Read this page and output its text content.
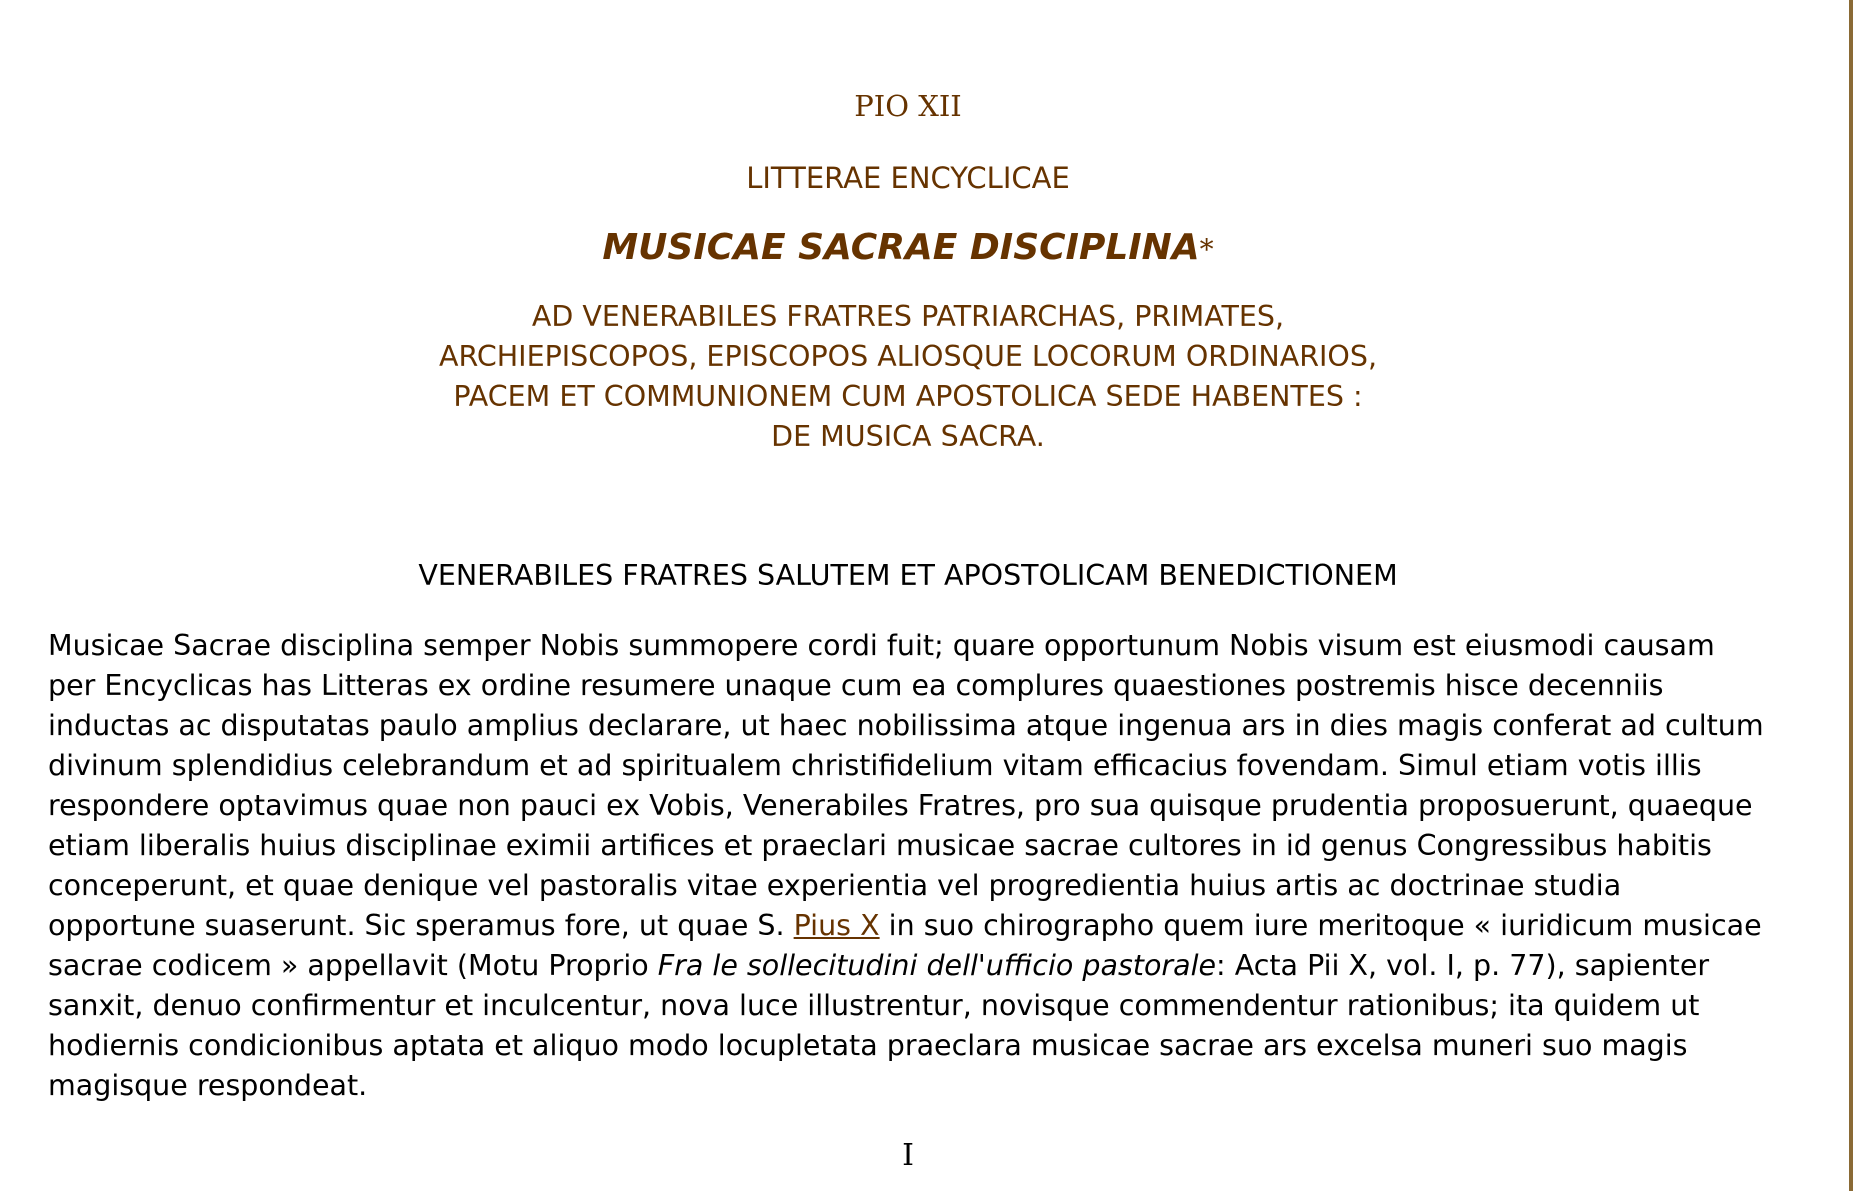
PIO XII
LITTERAE ENCYCLICAE
MUSICAE SACRAE DISCIPLINA*
AD VENERABILES FRATRES PATRIARCHAS, PRIMATES,
ARCHIEPISCOPOS, EPISCOPOS ALIOSQUE LOCORUM ORDINARIOS,
PACEM ET COMMUNIONEM CUM APOSTOLICA SEDE HABENTES :
DE MUSICA SACRA.
VENERABILES FRATRES SALUTEM ET APOSTOLICAM BENEDICTIONEM

Musicae Sacrae disciplina semper Nobis summopere cordi fuit; quare opportunum Nobis visum est eiusmodi causam per Encyclicas has Litteras ex ordine resumere unaque cum ea complures quaestiones postremis hisce decenniis inductas ac disputatas paulo amplius declarare, ut haec nobilissima atque ingenua ars in dies magis conferat ad cultum divinum splendidius celebrandum et ad spiritualem christifidelium vitam efficacius fovendam. Simul etiam votis illis respondere optavimus quae non pauci ex Vobis, Venerabiles Fratres, pro sua quisque prudentia proposuerunt, quaeque etiam liberalis huius disciplinae eximii artifices et praeclari musicae sacrae cultores in id genus Congressibus habitis conceperunt, et quae denique vel pastoralis vitae experientia vel progredientia huius artis ac doctrinae studia opportune suaserunt. Sic speramus fore, ut quae S. Pius X in suo chirographo quem iure meritoque « iuridicum musicae sacrae codicem » appellavit (Motu Proprio Fra le sollecitudini dell'ufficio pastorale: Acta Pii X, vol. I, p. 77), sapienter sanxit, denuo confirmentur et inculcentur, nova luce illustrentur, novisque commendentur rationibus; ita quidem ut hodiernis condicionibus aptata et aliquo modo locupletata praeclara musicae sacrae ars excelsa muneri suo magis magisque respondeat.

I
